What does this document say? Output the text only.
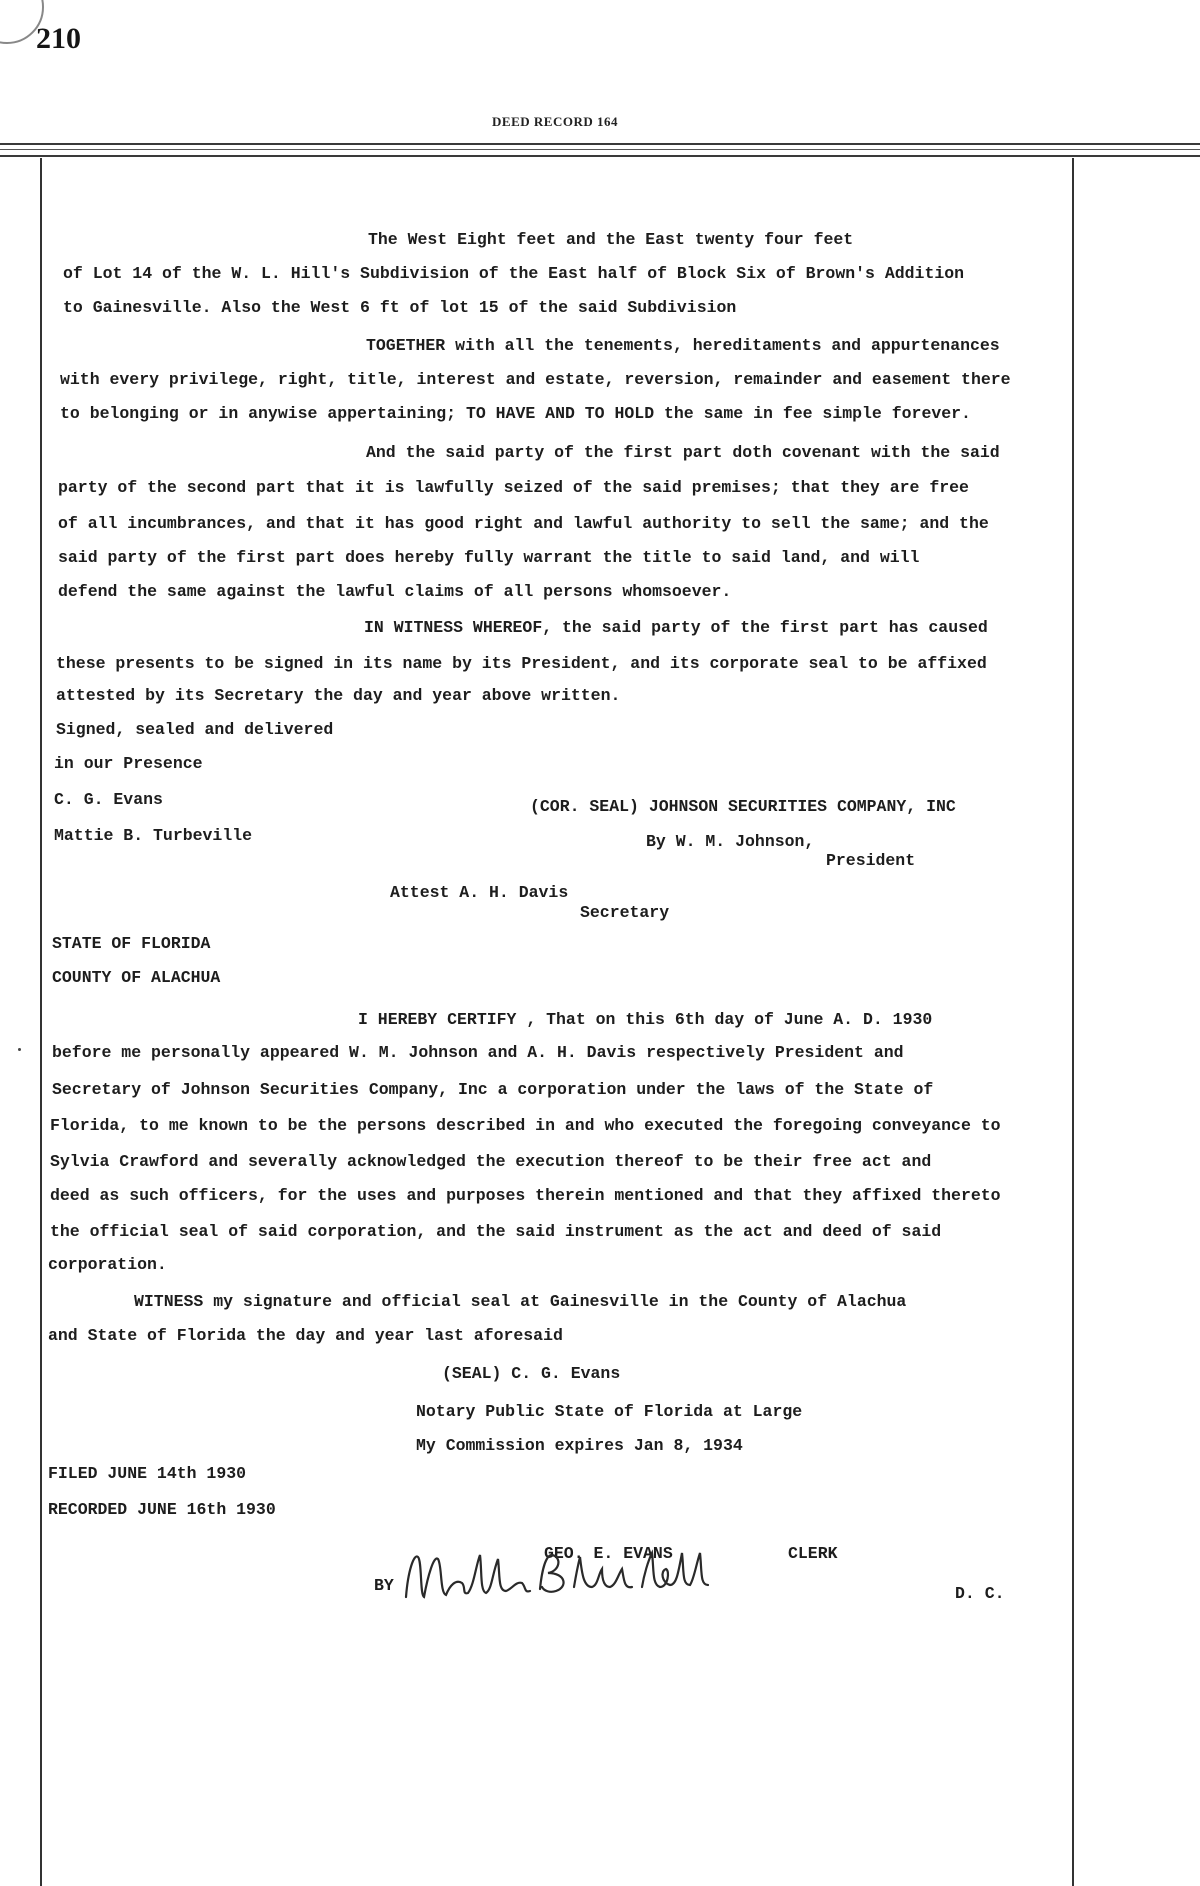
210
DEED RECORD 164
The West Eight feet and the East twenty four feet
of Lot 14 of the W. L. Hill's Subdivision of the East half of Block Six of Brown's Addition
to Gainesville. Also the West 6 ft of lot 15 of the said Subdivision
TOGETHER with all the tenements, hereditaments and appurtenances
with every privilege, right, title, interest and estate, reversion, remainder and easement there
to belonging or in anywise appertaining; TO HAVE AND TO HOLD the same in fee simple forever.
And the said party of the first part doth covenant with the said
party of the second part that it is lawfully seized of the said premises; that they are free
of all incumbrances, and that it has good right and lawful authority to sell the same; and the
said party of the first part does hereby fully warrant the title to said land, and will
defend the same against the lawful claims of all persons whomsoever.
IN WITNESS WHEREOF, the said party of the first part has caused
these presents to be signed in its name by its President, and its corporate seal to be affixed
attested by its Secretary the day and year above written.
Signed, sealed and delivered
in our Presence
C. G. Evans	(COR. SEAL) JOHNSON SECURITIES COMPANY, INC
Mattie B. Turbeville	By W. M. Johnson,
President
Attest A. H. Davis
Secretary
STATE OF FLORIDA
COUNTY OF ALACHUA
I HEREBY CERTIFY , That on this 6th day of June A. D. 1930
before me personally appeared W. M. Johnson and A. H. Davis respectively President and
Secretary of Johnson Securities Company, Inc a corporation under the laws of the State of
Florida, to me known to be the persons described in and who executed the foregoing conveyance to
Sylvia Crawford and severally acknowledged the execution thereof to be their free act and
deed as such officers, for the uses and purposes therein mentioned and that they affixed thereto
the official seal of said corporation, and the said instrument as the act and deed of said
corporation.
WITNESS my signature and official seal at Gainesville in the County of Alachua
and State of Florida the day and year last aforesaid
(SEAL) C. G. Evans
Notary Public State of Florida at Large
My Commission expires Jan 8, 1934
FILED JUNE 14th 1930
RECORDED JUNE 16th 1930
GEO. E. EVANS	CLERK
BY	D. C.
